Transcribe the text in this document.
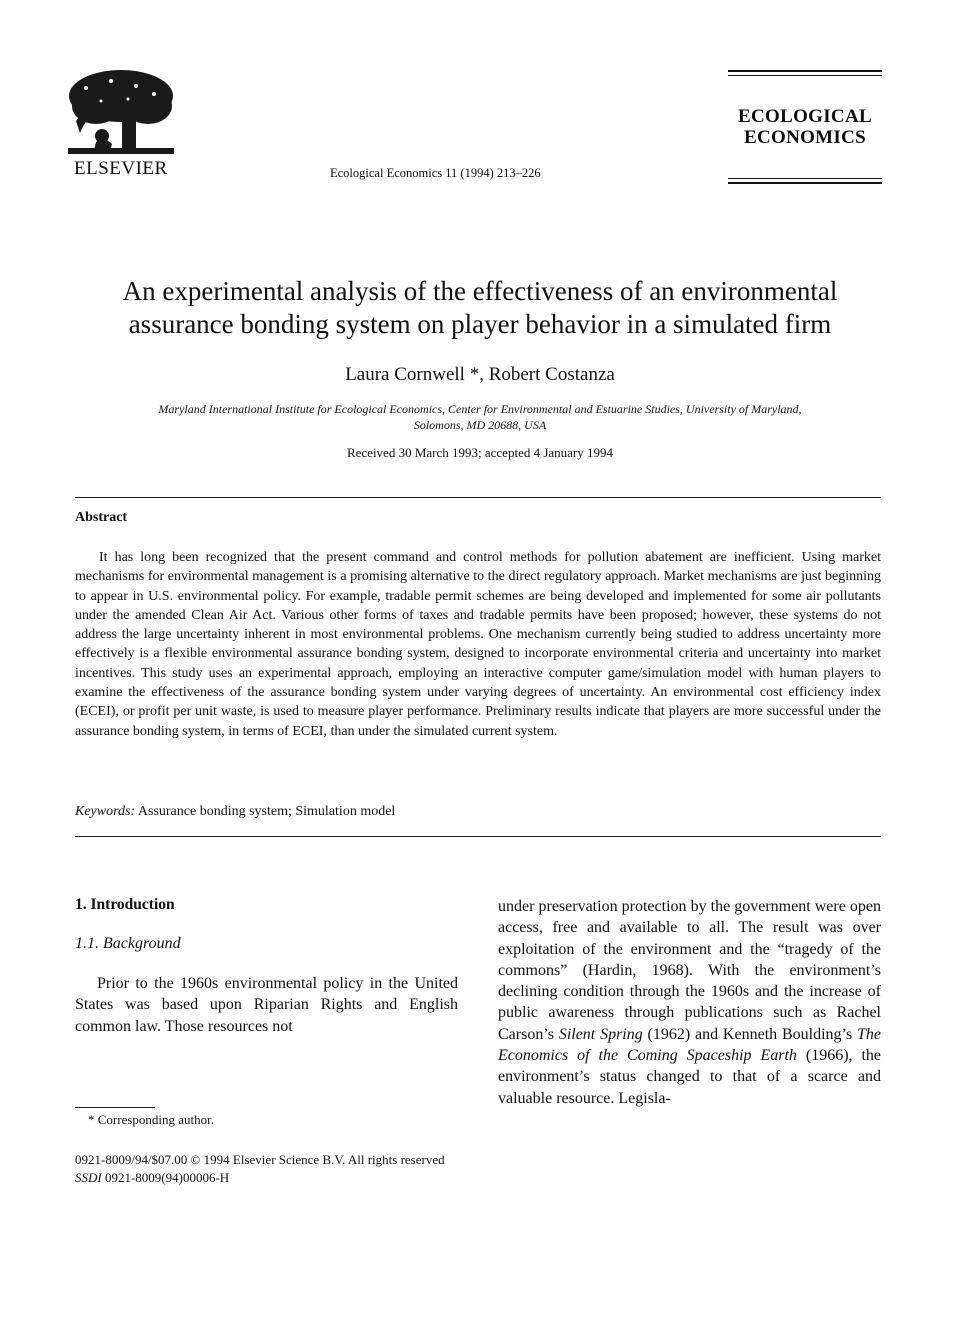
ELSEVIER	Ecological Economics 11 (1994) 213–226
ECOLOGICAL
ECONOMICS
An experimental analysis of the effectiveness of an environmental
assurance bonding system on player behavior in a simulated firm
Laura Cornwell *, Robert Costanza
Maryland International Institute for Ecological Economics, Center for Environmental and Estuarine Studies, University of Maryland,
Solomons, MD 20688, USA
Received 30 March 1993; accepted 4 January 1994
Abstract
It has long been recognized that the present command and control methods for pollution abatement are inefficient. Using market mechanisms for environmental management is a promising alternative to the direct regulatory approach. Market mechanisms are just beginning to appear in U.S. environmental policy. For example, tradable permit schemes are being developed and implemented for some air pollutants under the amended Clean Air Act. Various other forms of taxes and tradable permits have been proposed; however, these systems do not address the large uncertainty inherent in most environmental problems. One mechanism currently being studied to address uncertainty more effectively is a flexible environmental assurance bonding system, designed to incorporate environmental criteria and uncertainty into market incentives. This study uses an experimental approach, employing an interactive computer game/simulation model with human players to examine the effectiveness of the assurance bonding system under varying degrees of uncertainty. An environmental cost efficiency index (ECEI), or profit per unit waste, is used to measure player performance. Preliminary results indicate that players are more successful under the assurance bonding system, in terms of ECEI, than under the simulated current system.
Keywords: Assurance bonding system; Simulation model
1. Introduction
1.1. Background
Prior to the 1960s environmental policy in the United States was based upon Riparian Rights and English common law. Those resources not
under preservation protection by the government were open access, free and available to all. The result was over exploitation of the environment and the “tragedy of the commons” (Hardin, 1968). With the environment’s declining condition through the 1960s and the increase of public awareness through publications such as Rachel Carson’s Silent Spring (1962) and Kenneth Boulding’s The Economics of the Coming Spaceship Earth (1966), the environment’s status changed to that of a scarce and valuable resource. Legisla-
* Corresponding author.
0921-8009/94/$07.00 © 1994 Elsevier Science B.V. All rights reserved
SSDI 0921-8009(94)00006-H
